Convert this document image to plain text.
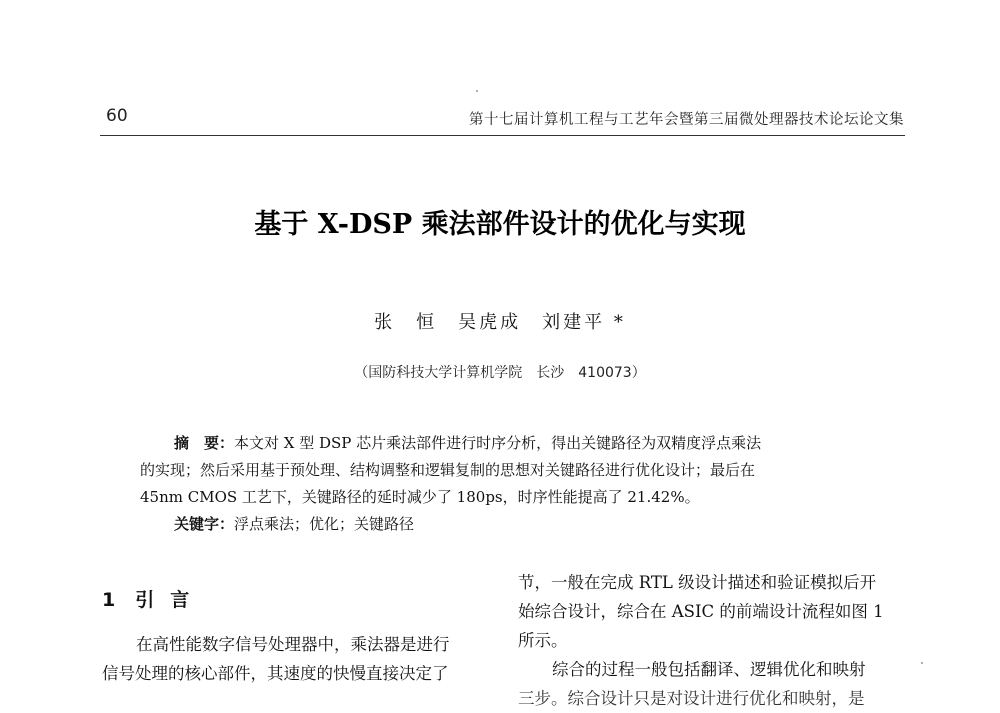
60	第十七届计算机工程与工艺年会暨第三届微处理器技术论坛论文集
基于 X-DSP 乘法部件设计的优化与实现
张　恒　吴虎成　刘建平 *
（国防科技大学计算机学院　长沙　410073）
摘　要：本文对 X 型 DSP 芯片乘法部件进行时序分析，得出关键路径为双精度浮点乘法
的实现；然后采用基于预处理、结构调整和逻辑复制的思想对关键路径进行优化设计；最后在
45nm CMOS 工艺下，关键路径的延时减少了 180ps，时序性能提高了 21.42%。
关键字：浮点乘法；优化；关键路径
1 引 言
在高性能数字信号处理器中，乘法器是进行
信号处理的核心部件，其速度的快慢直接决定了
节，一般在完成 RTL 级设计描述和验证模拟后开
始综合设计，综合在 ASIC 的前端设计流程如图 1
所示。
综合的过程一般包括翻译、逻辑优化和映射
三步。综合设计只是对设计进行优化和映射，是
